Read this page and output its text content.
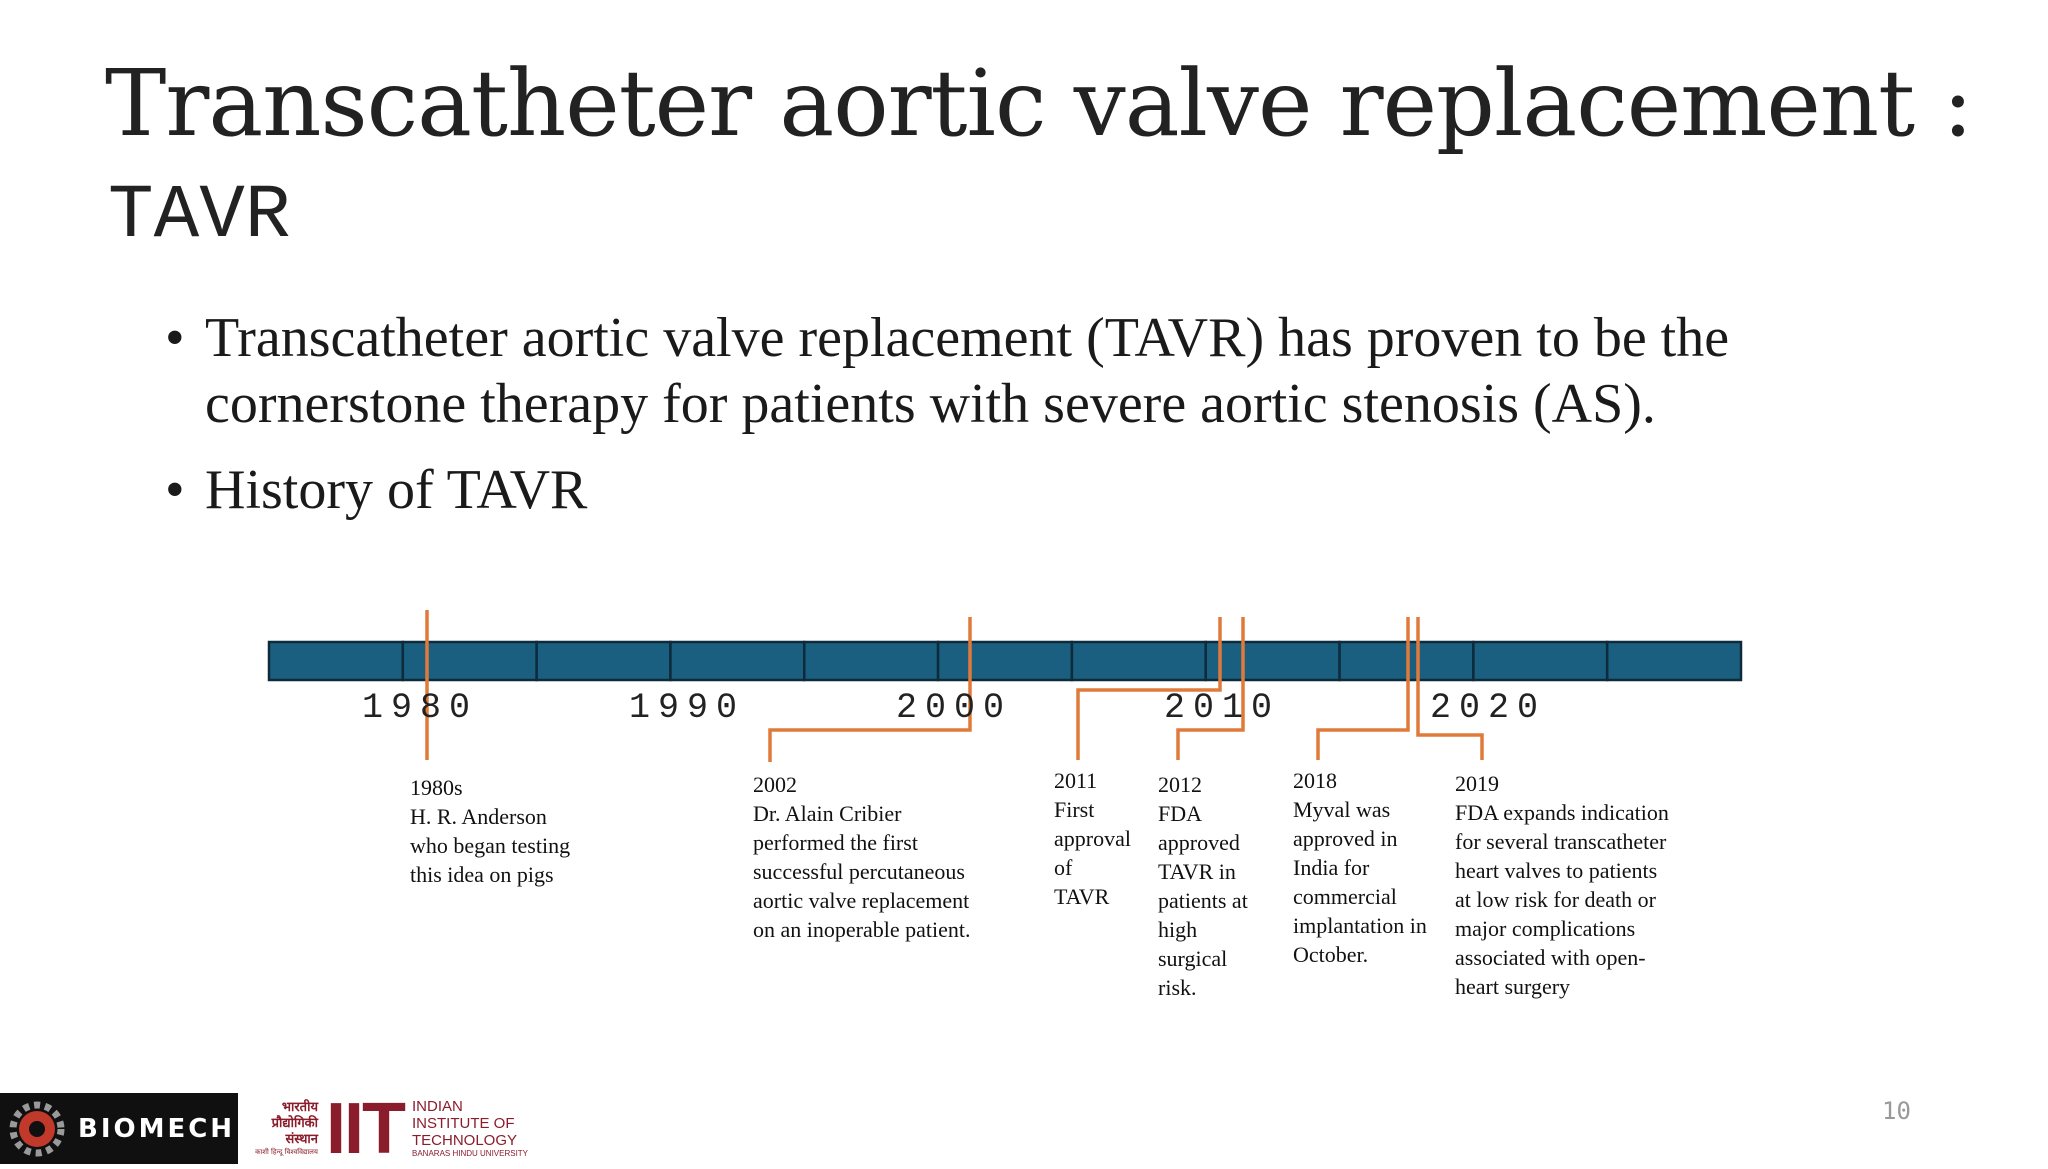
Transcatheter aortic valve replacement :
TAVR
• Transcatheter aortic valve replacement (TAVR) has proven to be the cornerstone therapy for patients with severe aortic stenosis (AS).
• History of TAVR
1980	1990	2000	2010	2020
1980s
H. R. Anderson
who began testing
this idea on pigs
2002
Dr. Alain Cribier
performed the first
successful percutaneous
aortic valve replacement
on an inoperable patient.
2011
First
approval
of
TAVR
2012
FDA
approved
TAVR in
patients at
high
surgical
risk.
2018
Myval was
approved in
India for
commercial
implantation in
October.
2019
FDA expands indication
for several transcatheter
heart valves to patients
at low risk for death or
major complications
associated with open-
heart surgery
BIOMECH
भारतीय
प्रौद्योगिकी
संस्थान
काशी हिन्दू विश्वविद्यालय IIT INDIAN
INSTITUTE OF
TECHNOLOGY
BANARAS HINDU UNIVERSITY
10
